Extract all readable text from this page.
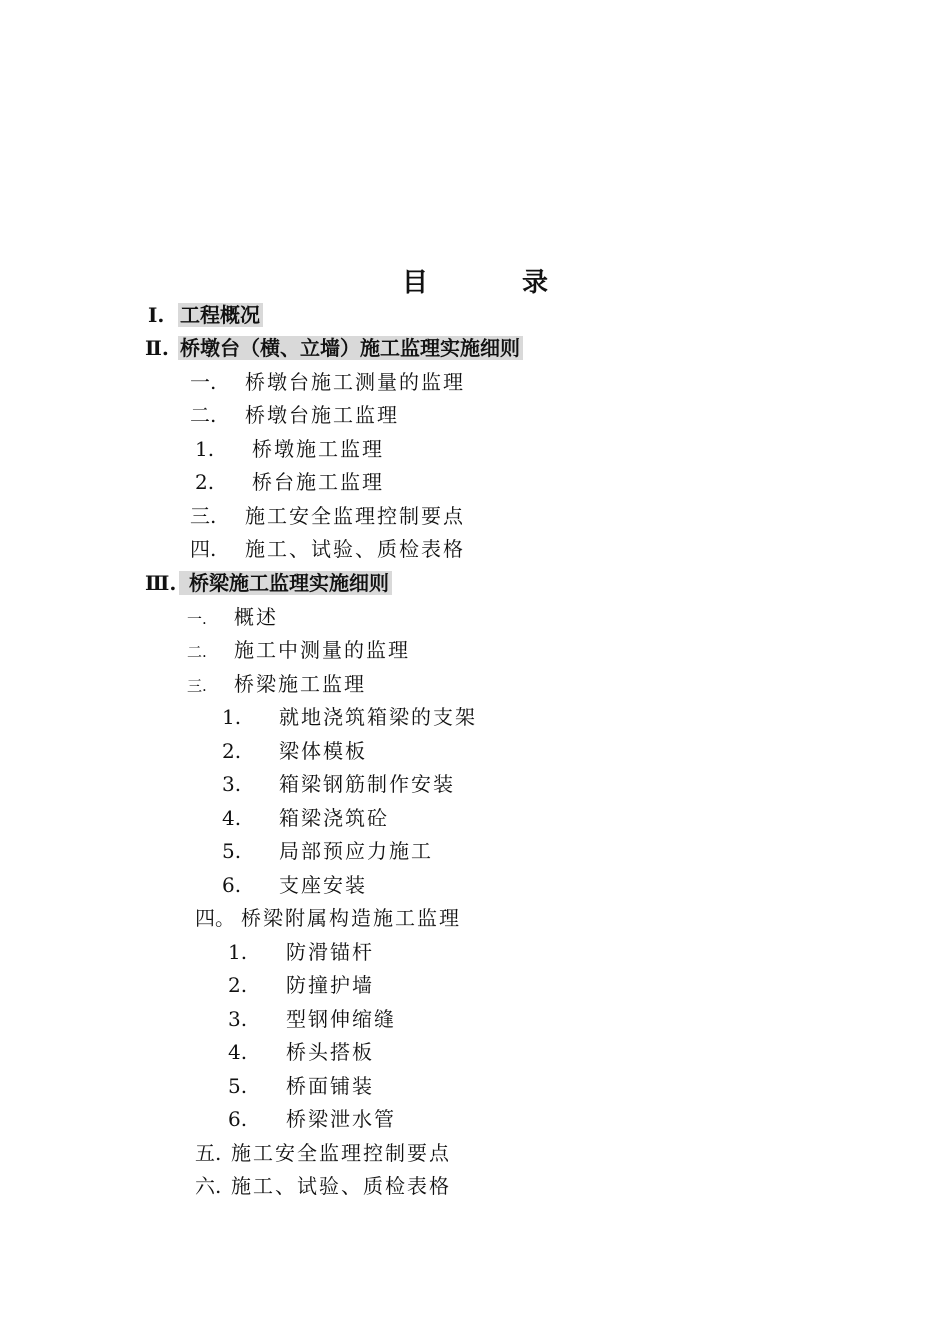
目　录
Ⅰ. 工程概况
Ⅱ. 桥墩台（横、立墙）施工监理实施细则
一. 桥墩台施工测量的监理
二. 桥墩台施工监理
1. 桥墩施工监理
2. 桥台施工监理
三. 施工安全监理控制要点
四. 施工、试验、质检表格
Ⅲ. 桥梁施工监理实施细则
一. 概述
二. 施工中测量的监理
三. 桥梁施工监理
1. 就地浇筑箱梁的支架
2. 梁体模板
3. 箱梁钢筋制作安装
4. 箱梁浇筑砼
5. 局部预应力施工
6. 支座安装
四。 桥梁附属构造施工监理
1. 防滑锚杆
2. 防撞护墙
3. 型钢伸缩缝
4. 桥头搭板
5. 桥面铺装
6. 桥梁泄水管
五. 施工安全监理控制要点
六. 施工、试验、质检表格
